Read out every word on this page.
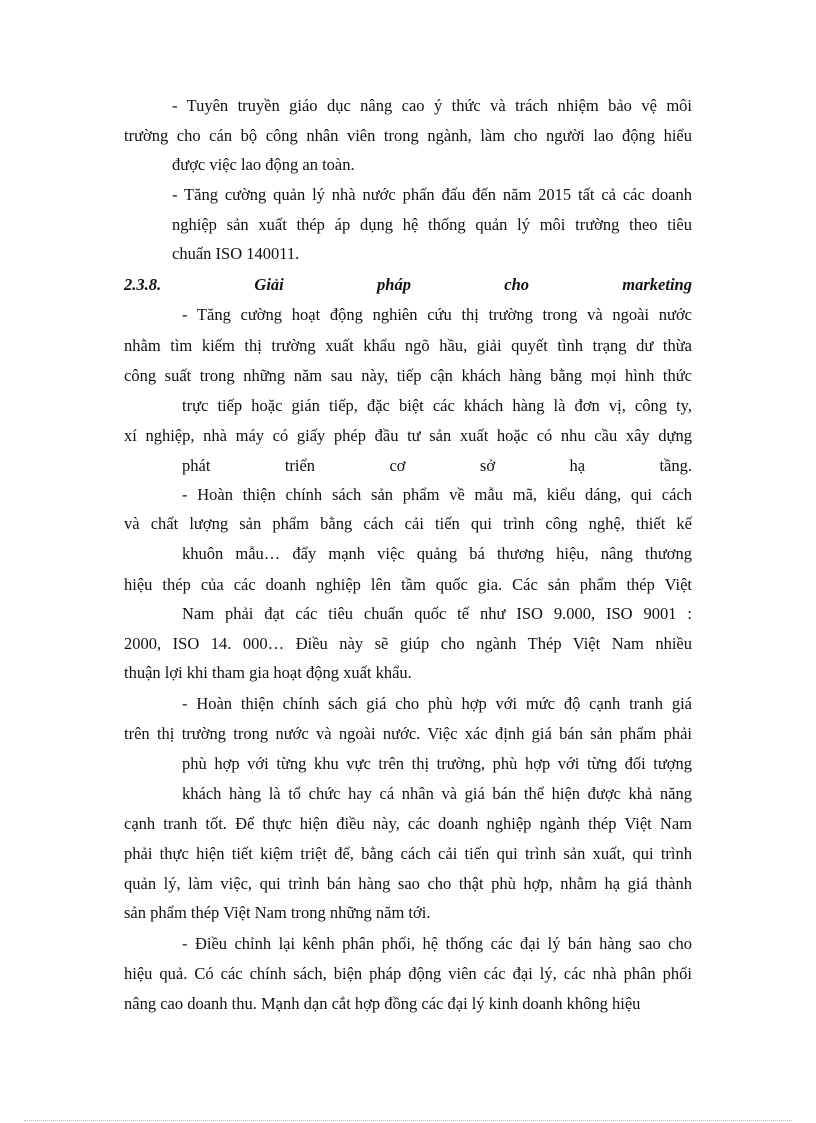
- Tuyên truyền giáo dục nâng cao ý thức và trách nhiệm bảo vệ môi
trường cho cán bộ công nhân viên trong ngành, làm cho người lao động hiểu
được việc lao động an toàn.
- Tăng cường quản lý nhà nước phấn đấu đến năm 2015 tất cả các doanh
nghiệp sản xuất thép áp dụng hệ thống quản lý môi trường theo tiêu
chuẩn ISO 140011.
2.3.8.	Giải	pháp	cho	marketing
- Tăng cường hoạt động nghiên cứu thị trường trong và ngoài nước
nhằm tìm kiếm thị trường xuất khẩu ngõ hầu, giải quyết tình trạng dư thừa
công suất trong những năm sau này, tiếp cận khách hàng bằng mọi hình thức
trực tiếp hoặc gián tiếp, đặc biệt các khách hàng là đơn vị, công ty,
xí nghiệp, nhà máy có giấy phép đầu tư sản xuất hoặc có nhu cầu xây dựng
phát triển cơ sở hạ tầng.
- Hoàn thiện chính sách sản phẩm về mẫu mã, kiểu dáng, qui cách
và chất lượng sản phẩm bằng cách cải tiến qui trình công nghệ, thiết kế
khuôn mẫu… đẩy mạnh việc quảng bá thương hiệu, nâng thương
hiệu thép của các doanh nghiệp lên tầm quốc gia. Các sản phẩm thép Việt
Nam phải đạt các tiêu chuẩn quốc tế như ISO 9.000, ISO 9001 :
2000, ISO 14. 000… Điều này sẽ giúp cho ngành Thép Việt Nam nhiều
thuận lợi khi tham gia hoạt động xuất khẩu.
- Hoàn thiện chính sách giá cho phù hợp với mức độ cạnh tranh giá
trên thị trường trong nước và ngoài nước. Việc xác định giá bán sản phẩm phải
phù hợp với từng khu vực trên thị trường, phù hợp với từng đối tượng
khách hàng là tổ chức hay cá nhân và giá bán thể hiện được khả năng
cạnh tranh tốt. Để thực hiện điều này, các doanh nghiệp ngành thép Việt Nam
phải thực hiện tiết kiệm triệt để, bằng cách cải tiến qui trình sản xuất, qui trình
quản lý, làm việc, qui trình bán hàng sao cho thật phù hợp, nhằm hạ giá thành
sản phẩm thép Việt Nam trong những năm tới.
- Điều chỉnh lại kênh phân phối, hệ thống các đại lý bán hàng sao cho
hiệu quả. Có các chính sách, biện pháp động viên các đại lý, các nhà phân phối
nâng cao doanh thu. Mạnh dạn cắt hợp đồng các đại lý kinh doanh không hiệu
